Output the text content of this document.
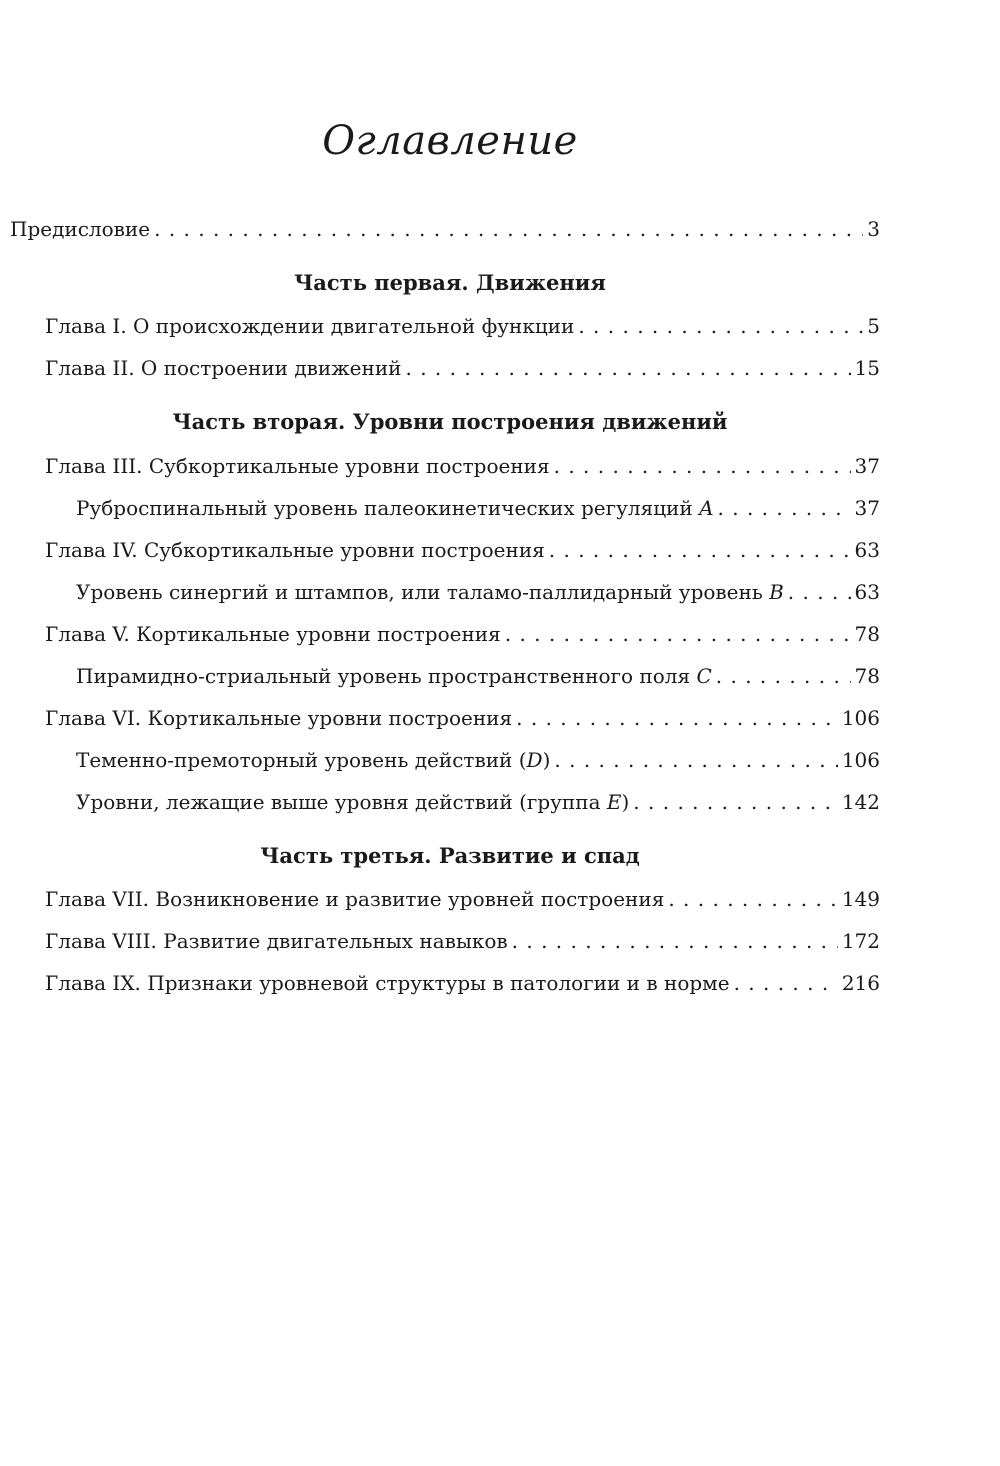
Оглавление
Предисловие . . .	3
Часть первая. Движения
Глава I. О происхождении двигательной функции . . .	5
Глава II. О построении движений . . .	15
Часть вторая. Уровни построения движений
Глава III. Субкортикальные уровни построения . . .	37
Руброспинальный уровень палеокинетических регуляций A . . .	37
Глава IV. Субкортикальные уровни построения . . .	63
Уровень синергий и штампов, или таламо-паллидарный уровень B . . .	63
Глава V. Кортикальные уровни построения . . .	78
Пирамидно-стриальный уровень пространственного поля C . . .	78
Глава VI. Кортикальные уровни построения . . .	106
Теменно-премоторный уровень действий (D) . . .	106
Уровни, лежащие выше уровня действий (группа E) . . .	142
Часть третья. Развитие и спад
Глава VII. Возникновение и развитие уровней построения . . .	149
Глава VIII. Развитие двигательных навыков . . .	172
Глава IX. Признаки уровневой структуры в патологии и в норме . . .	216
